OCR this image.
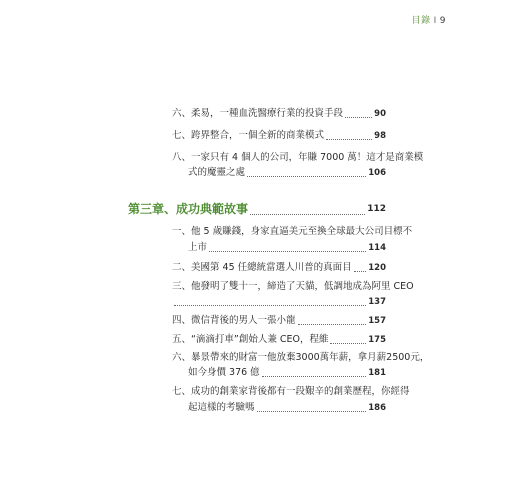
目錄 I 9
六、柔易，一種血洗醫療行業的投資手段	90
七、跨界整合，一個全新的商業模式	98
八、一家只有 4 個人的公司，年賺 7000 萬！這才是商業模
式的魔靈之處	106
第三章、成功典範故事	112
一、他 5 歲賺錢，身家直逼美元至換全球最大公司目標不
上市	114
二、美國第 45 任總統當選人川普的真面目 120
三、他發明了雙十一，締造了天貓，低調地成為阿里 CEO
137
四、微信背後的男人一張小龍	157
五、“滴滴打車”創始人兼 CEO，程維	175
六、暴景帶來的財富一他放棄3000萬年薪，拿月薪2500元，
如今身價 376 億	181
七、成功的創業家背後都有一段艱辛的創業歷程，你經得
起這樣的考驗嗎	186
